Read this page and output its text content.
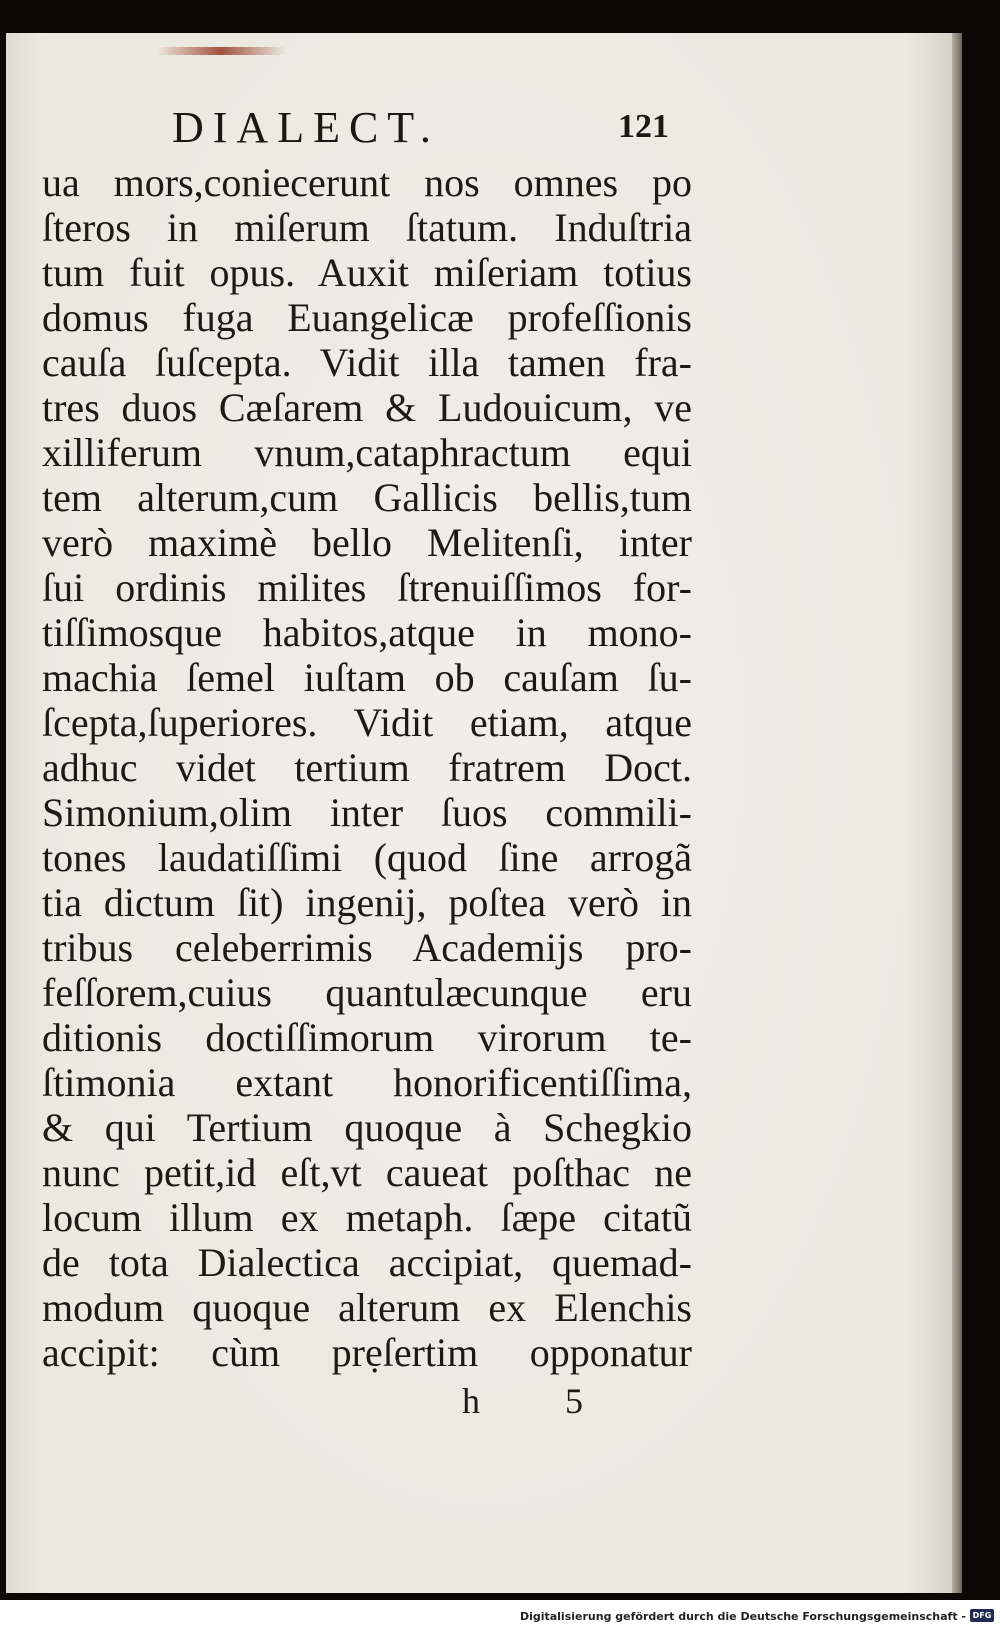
DIALECT.	121
ua mors,coniecerunt nos omnes po
ſteros in miſerum ſtatum. Induſtria
tum fuit opus. Auxit miſeriam totius
domus fuga Euangelicæ profeſſionis
cauſa ſuſcepta. Vidit illa tamen fra-
tres duos Cæſarem & Ludouicum, ve
xilliferum vnum,cataphractum equi
tem alterum,cum Gallicis bellis,tum
verò maximè bello Melitenſi, inter
ſui ordinis milites ſtrenuiſſimos for-
tiſſimosque habitos,atque in mono-
machia ſemel iuſtam ob cauſam ſu-
ſcepta,ſuperiores. Vidit etiam, atque
adhuc videt tertium fratrem Doct.
Simonium,olim inter ſuos commili-
tones laudatiſſimi (quod ſine arrogã
tia dictum ſit) ingenij, poſtea verò in
tribus celeberrimis Academijs pro-
feſſorem,cuius quantulæcunque eru
ditionis doctiſſimorum virorum te-
ſtimonia extant honorificentiſſima,
& qui Tertium quoque à Schegkio
nunc petit,id eſt,vt caueat poſthac ne
locum illum ex metaph. ſæpe citatũ
de tota Dialectica accipiat, quemad-
modum quoque alterum ex Elenchis
accipit: cùm prẹſertim opponatur
h 5
Digitalisierung gefördert durch die Deutsche Forschungsgemeinschaft - DFG
